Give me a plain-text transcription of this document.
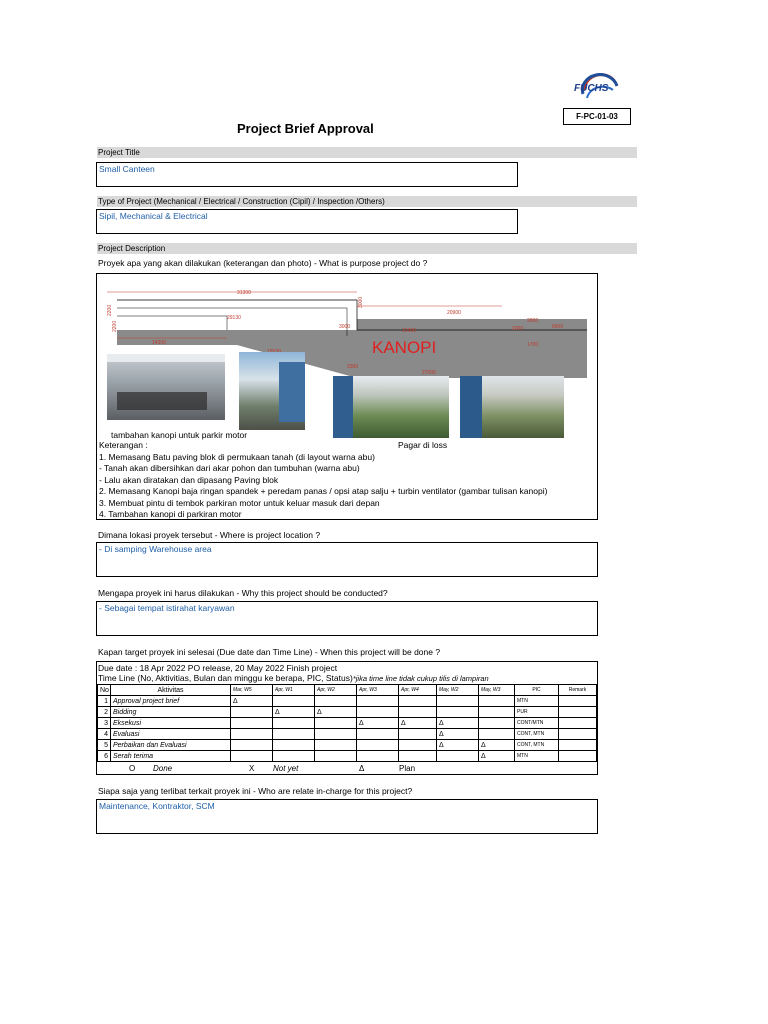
FUCHS
F-PC-01-03
Project Brief Approval
Project Title
Small Canteen
Type of Project (Mechanical / Electrical / Construction (Cipil) / Inspection /Others)
Sipil, Mechanical & Electrical
Project Description
Proyek apa yang akan dilakukan (keterangan dan photo) - What is purpose project do ?
KANOPI
31300
2200
3000
29130
14300
20900
2800
6600
21400
3000
27000
3300
1700
2000
2200
tambahan kanopi untuk parkir motor
Pagar di loss
Keterangan :
1. Memasang Batu paving blok di permukaan tanah (di layout warna abu)
- Tanah akan dibersihkan dari akar pohon dan tumbuhan (warna abu)
- Lalu akan diratakan dan dipasang Paving blok
2. Memasang Kanopi baja ringan spandek + peredam panas / opsi atap salju + turbin ventilator (gambar tulisan kanopi)
3. Membuat pintu di tembok parkiran motor untuk keluar masuk dari depan
4. Tambahan kanopi di parkiran motor
Dimana lokasi proyek tersebut - Where is project location ?
- Di samping Warehouse area
Mengapa proyek ini harus dilakukan - Why this project should be conducted?
- Sebagai tempat istirahat karyawan
Kapan target proyek ini selesai (Due date dan Time Line) - When this project will be done ?
Due date : 18 Apr 2022 PO release, 20 May 2022 Finish project
Time Line (No, Aktivitias, Bulan dan minggu ke berapa, PIC, Status)*jika time line tidak cukup tilis di lampiran
No	Aktivitas	Mar, W5	Apr, W1	Apr, W2	Apr, W3	Apr, W4	May, W2	May, W3	PIC	Remark
1	Approval project brief	Δ							MTN	
2	Bidding		Δ	Δ					PUR	
3	Eksekusi				Δ	Δ	Δ		CONT/MTN	
4	Evaluasi						Δ		CONT, MTN	
5	Perbaikan dan Evaluasi						Δ	Δ	CONT, MTN	
6	Serah terima							Δ	MTN	
O Done	X Not yet	Δ	Plan
Siapa saja yang terlibat terkait proyek ini - Who are relate in-charge for this project?
Maintenance, Kontraktor, SCM
